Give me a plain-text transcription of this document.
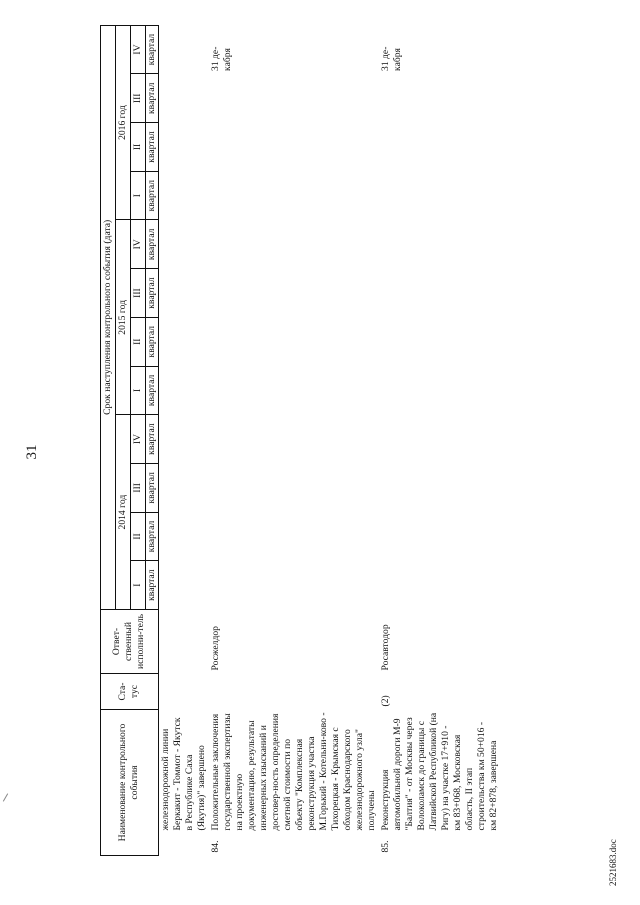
31
Наименование контрольного события		Ста-тус	Ответ-ственный исполни-тель	Срок наступления контрольного события (дата)											
				2014 год				2015 год				2016 год			
				I	II	III	IV	I	II	III	IV	I	II	III	IV
				квартал	квартал	квартал	квартал	квартал	квартал	квартал	квартал	квартал	квартал	квартал	квартал
	железнодорожной линии Беркакит - Томмот - Якутск в Республике Саха (Якутия)" завершено														
84.	Положительные заключения государственной экспертизы на проектную документацию, результаты инженерных изысканий и достовер-ность определения сметной стоимости по объекту "Комплексная реконструкция участка М.Горький - Котельни-ково - Тихорецкая - Крымская с обходом Краснодарского железнодорожного узла" получены		Росжелдор												31 де-кабря
85.	Реконструкция автомобильной дороги М-9 "Балтия" - от Москвы через Волоколамск до границы с Латвийской Республикой (на Ригу) на участке 17+910 - км 83+068, Московская область, II этап строительства км 50+016 - км 82+878, завершена	(2)	Росавтодор												31 де-кабря
2521683.doc
